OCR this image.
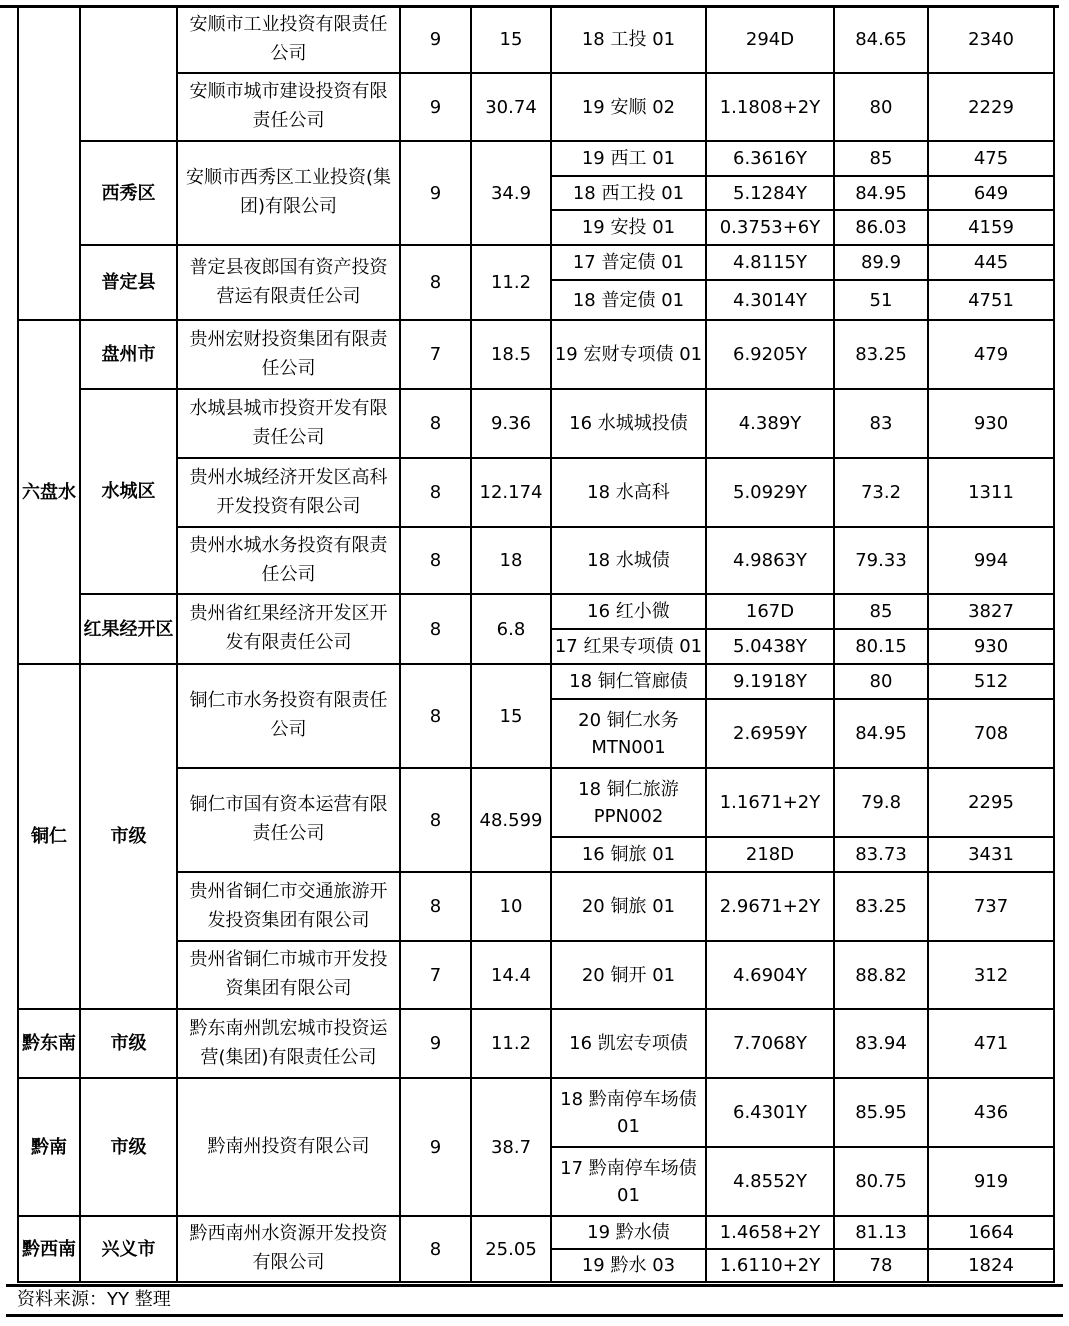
		安顺市工业投资有限责任公司	9	15	18 工投 01	294D	84.65	2340
		安顺市城市建设投资有限责任公司	9	30.74	19 安顺 02	1.1808+2Y	80	2229
	西秀区	安顺市西秀区工业投资(集团)有限公司	9	34.9	19 西工 01	6.3616Y	85	475
					18 西工投 01	5.1284Y	84.95	649
					19 安投 01	0.3753+6Y	86.03	4159
	普定县	普定县夜郎国有资产投资营运有限责任公司	8	11.2	17 普定债 01	4.8115Y	89.9	445
					18 普定债 01	4.3014Y	51	4751
六盘水	盘州市	贵州宏财投资集团有限责任公司	7	18.5	19 宏财专项债 01	6.9205Y	83.25	479
	水城区	水城县城市投资开发有限责任公司	8	9.36	16 水城城投债	4.389Y	83	930
		贵州水城经济开发区高科开发投资有限公司	8	12.174	18 水高科	5.0929Y	73.2	1311
		贵州水城水务投资有限责任公司	8	18	18 水城债	4.9863Y	79.33	994
	红果经开区	贵州省红果经济开发区开发有限责任公司	8	6.8	16 红小微	167D	85	3827
					17 红果专项债 01	5.0438Y	80.15	930
铜仁	市级	铜仁市水务投资有限责任公司	8	15	18 铜仁管廊债	9.1918Y	80	512
					20 铜仁水务 MTN001	2.6959Y	84.95	708
		铜仁市国有资本运营有限责任公司	8	48.599	18 铜仁旅游 PPN002	1.1671+2Y	79.8	2295
					16 铜旅 01	218D	83.73	3431
		贵州省铜仁市交通旅游开发投资集团有限公司	8	10	20 铜旅 01	2.9671+2Y	83.25	737
		贵州省铜仁市城市开发投资集团有限公司	7	14.4	20 铜开 01	4.6904Y	88.82	312
黔东南	市级	黔东南州凯宏城市投资运营(集团)有限责任公司	9	11.2	16 凯宏专项债	7.7068Y	83.94	471
黔南	市级	黔南州投资有限公司	9	38.7	18 黔南停车场债 01	6.4301Y	85.95	436
					17 黔南停车场债 01	4.8552Y	80.75	919
黔西南	兴义市	黔西南州水资源开发投资有限公司	8	25.05	19 黔水债	1.4658+2Y	81.13	1664
					19 黔水 03	1.6110+2Y	78	1824
资料来源：YY 整理
